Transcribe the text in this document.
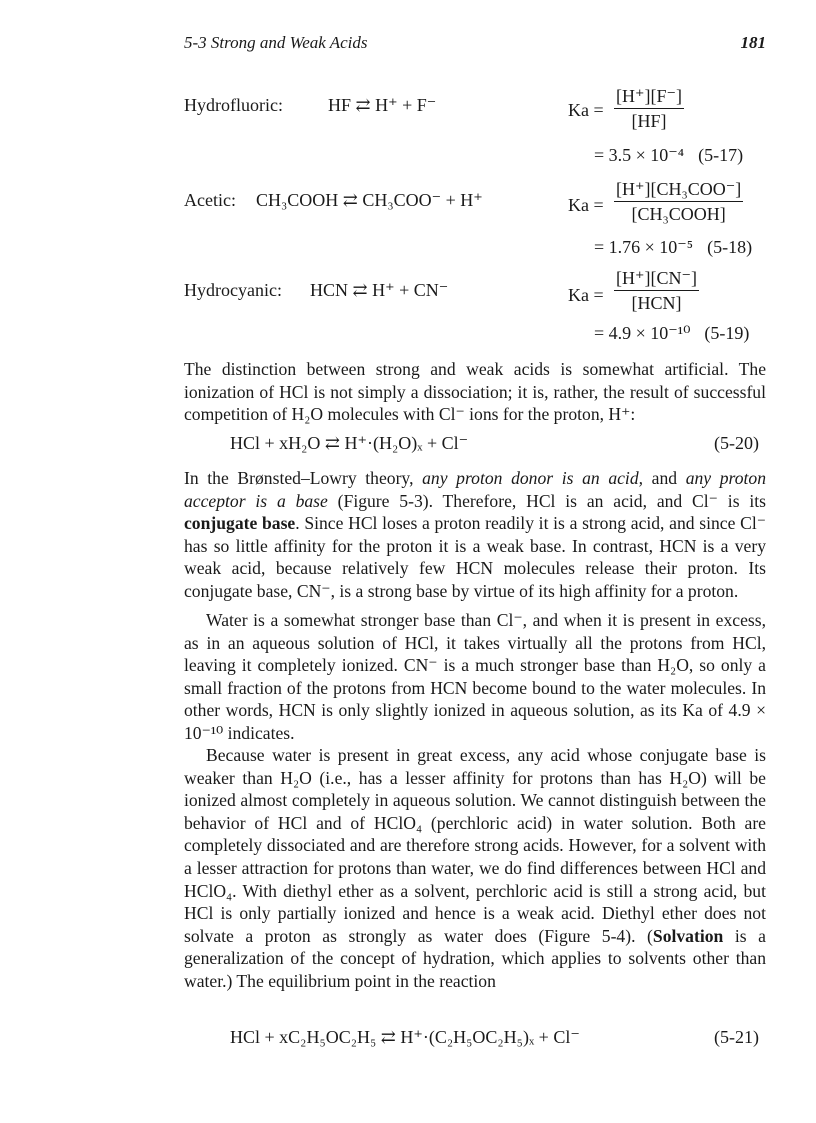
5-3 Strong and Weak Acids	181
Hydrofluoric:	HF ⇄ H⁺ + F⁻	$Ka = \frac{[H^+][F^-]}{[HF]}$
= 3.5 × 10⁻⁴ (5-17)
Acetic: CH₃COOH ⇄ CH₃COO⁻ + H⁺	Ka =
[H⁺][CH₃COO⁻]
[CH₃COOH]
= 1.76 × 10⁻⁵ (5-18)
Hydrocyanic: HCN ⇄ H⁺ + CN⁻	Ka =
[H⁺][CN⁻]
[HCN]
= 4.9 × 10⁻¹⁰ (5-19)

The distinction between strong and weak acids is somewhat artificial. The ionization of HCl is not simply a dissociation; it is, rather, the result of successful competition of H₂O molecules with Cl⁻ ions for the proton, H⁺:

HCl + xH₂O ⇄ H⁺·(H₂O)ₓ + Cl⁻	(5-20)

In the Brønsted–Lowry theory, any proton donor is an acid, and any proton acceptor is a base (Figure 5-3). Therefore, HCl is an acid, and Cl⁻ is its conjugate base. Since HCl loses a proton readily it is a strong acid, and since Cl⁻ has so little affinity for the proton it is a weak base. In contrast, HCN is a very weak acid, because relatively few HCN molecules release their proton. Its conjugate base, CN⁻, is a strong base by virtue of its high affinity for a proton.

Water is a somewhat stronger base than Cl⁻, and when it is present in excess, as in an aqueous solution of HCl, it takes virtually all the protons from HCl, leaving it completely ionized. CN⁻ is a much stronger base than H₂O, so only a small fraction of the protons from HCN become bound to the water molecules. In other words, HCN is only slightly ionized in aqueous solution, as its Ka of 4.9 × 10⁻¹⁰ indicates.

Because water is present in great excess, any acid whose conjugate base is weaker than H₂O (i.e., has a lesser affinity for protons than has H₂O) will be ionized almost completely in aqueous solution. We cannot distinguish between the behavior of HCl and of HClO₄ (perchloric acid) in water solution. Both are completely dissociated and are therefore strong acids. However, for a solvent with a lesser attraction for protons than water, we do find differences between HCl and HClO₄. With diethyl ether as a solvent, perchloric acid is still a strong acid, but HCl is only partially ionized and hence is a weak acid. Diethyl ether does not solvate a proton as strongly as water does (Figure 5-4). (Solvation is a generalization of the concept of hydration, which applies to solvents other than water.) The equilibrium point in the reaction

HCl + xC₂H₅OC₂H₅ ⇄ H⁺·(C₂H₅OC₂H₅)ₓ + Cl⁻	(5-21)
